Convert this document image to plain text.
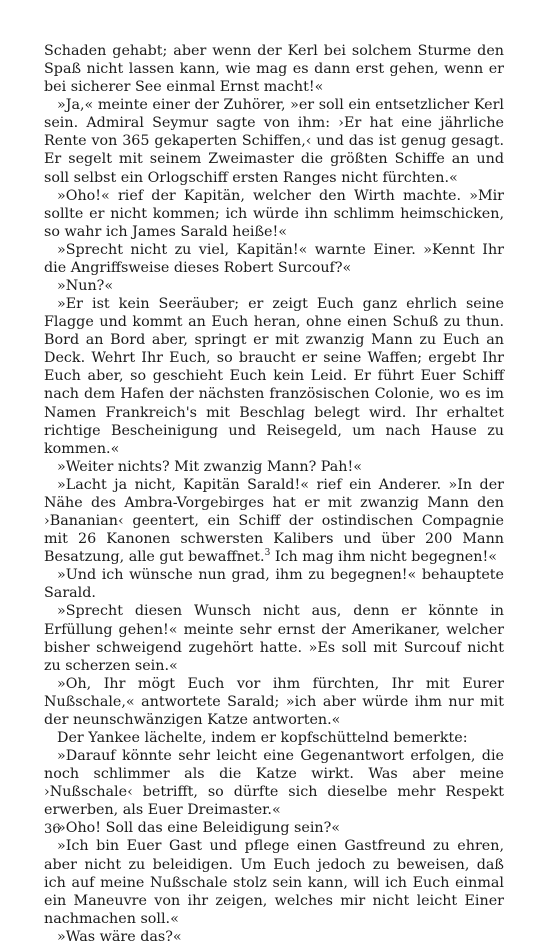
Schaden gehabt; aber wenn der Kerl bei solchem Sturme den Spaß nicht lassen kann, wie mag es dann erst gehen, wenn er bei sicherer See einmal Ernst macht!«

»Ja,« meinte einer der Zuhörer, »er soll ein entsetzlicher Kerl sein. Admiral Seymur sagte von ihm: ›Er hat eine jährliche Rente von 365 gekaperten Schiffen,‹ und das ist genug gesagt. Er segelt mit seinem Zweimaster die größten Schiffe an und soll selbst ein Orlogschiff ersten Ranges nicht fürchten.«

»Oho!« rief der Kapitän, welcher den Wirth machte. »Mir sollte er nicht kommen; ich würde ihn schlimm heimschicken, so wahr ich James Sarald heiße!«

»Sprecht nicht zu viel, Kapitän!« warnte Einer. »Kennt Ihr die Angriffsweise dieses Robert Surcouf?«

»Nun?«

»Er ist kein Seeräuber; er zeigt Euch ganz ehrlich seine Flagge und kommt an Euch heran, ohne einen Schuß zu thun. Bord an Bord aber, springt er mit zwanzig Mann zu Euch an Deck. Wehrt Ihr Euch, so braucht er seine Waffen; ergebt Ihr Euch aber, so geschieht Euch kein Leid. Er führt Euer Schiff nach dem Hafen der nächsten französischen Colonie, wo es im Namen Frankreich's mit Beschlag belegt wird. Ihr erhaltet richtige Bescheinigung und Reisegeld, um nach Hause zu kommen.«

»Weiter nichts? Mit zwanzig Mann? Pah!«

»Lacht ja nicht, Kapitän Sarald!« rief ein Anderer. »In der Nähe des Ambra-Vorgebirges hat er mit zwanzig Mann den ›Bananian‹ geentert, ein Schiff der ostindischen Compagnie mit 26 Kanonen schwersten Kalibers und über 200 Mann Besatzung, alle gut bewaffnet.$^3$ Ich mag ihm nicht begegnen!«

»Und ich wünsche nun grad, ihm zu begegnen!« behauptete Sarald.

»Sprecht diesen Wunsch nicht aus, denn er könnte in Erfüllung gehen!« meinte sehr ernst der Amerikaner, welcher bisher schweigend zugehört hatte. »Es soll mit Surcouf nicht zu scherzen sein.«

»Oh, Ihr mögt Euch vor ihm fürchten, Ihr mit Eurer Nußschale,« antwortete Sarald; »ich aber würde ihm nur mit der neunschwänzigen Katze antworten.«

Der Yankee lächelte, indem er kopfschüttelnd bemerkte:

»Darauf könnte sehr leicht eine Gegenantwort erfolgen, die noch schlimmer als die Katze wirkt. Was aber meine ›Nußschale‹ betrifft, so dürfte sich dieselbe mehr Respekt erwerben, als Euer Dreimaster.«

»Oho! Soll das eine Beleidigung sein?«

»Ich bin Euer Gast und pflege einen Gastfreund zu ehren, aber nicht zu beleidigen. Um Euch jedoch zu beweisen, daß ich auf meine Nußschale stolz sein kann, will ich Euch einmal ein Maneuvre von ihr zeigen, welches mir nicht leicht Einer nachmachen soll.«

»Was wäre das?«

36
